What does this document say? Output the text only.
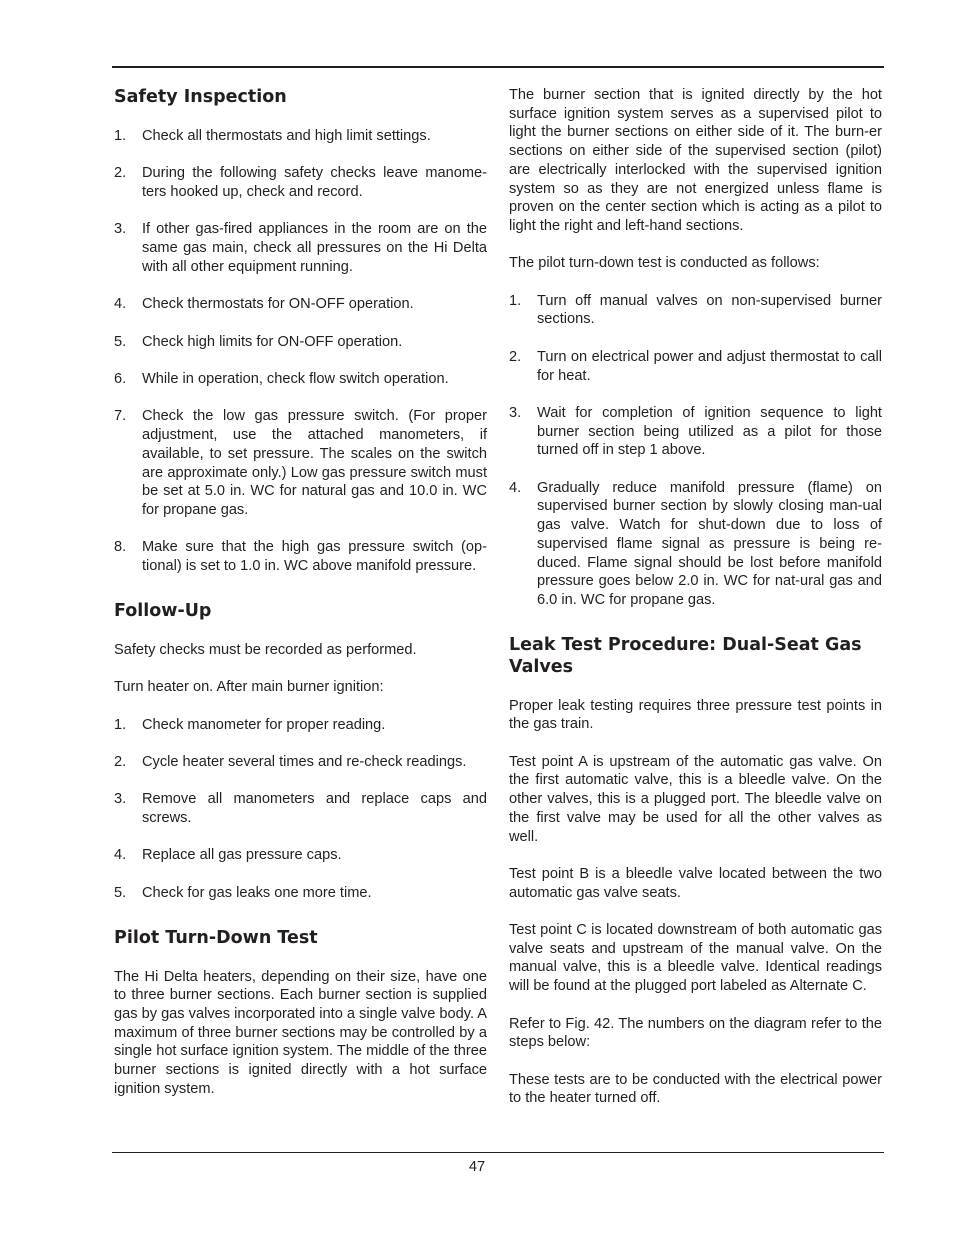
Safety Inspection
1. Check all thermostats and high limit settings.
2. During the following safety checks leave manome-ters hooked up, check and record.
3. If other gas-fired appliances in the room are on the same gas main, check all pressures on the Hi Delta with all other equipment running.
4. Check thermostats for ON-OFF operation.
5. Check high limits for ON-OFF operation.
6. While in operation, check flow switch operation.
7. Check the low gas pressure switch. (For proper adjustment, use the attached manometers, if available, to set pressure. The scales on the switch are approximate only.) Low gas pressure switch must be set at 5.0 in. WC for natural gas and 10.0 in. WC for propane gas.
8. Make sure that the high gas pressure switch (op-tional) is set to 1.0 in. WC above manifold pressure.
Follow-Up

Safety checks must be recorded as performed.

Turn heater on. After main burner ignition:

1. Check manometer for proper reading.
2. Cycle heater several times and re-check readings.
3. Remove all manometers and replace caps and screws.
4. Replace all gas pressure caps.
5. Check for gas leaks one more time.
Pilot Turn-Down Test

The Hi Delta heaters, depending on their size, have one to three burner sections. Each burner section is supplied gas by gas valves incorporated into a single valve body. A maximum of three burner sections may be controlled by a single hot surface ignition system. The middle of the three burner sections is ignited directly with a hot surface ignition system.

The burner section that is ignited directly by the hot surface ignition system serves as a supervised pilot to light the burner sections on either side of it. The burn-er sections on either side of the supervised section (pilot) are electrically interlocked with the supervised ignition system so as they are not energized unless flame is proven on the center section which is acting as a pilot to light the right and left-hand sections.

The pilot turn-down test is conducted as follows:

1. Turn off manual valves on non-supervised burner sections.
2. Turn on electrical power and adjust thermostat to call for heat.
3. Wait for completion of ignition sequence to light burner section being utilized as a pilot for those turned off in step 1 above.
4. Gradually reduce manifold pressure (flame) on supervised burner section by slowly closing man-ual gas valve. Watch for shut-down due to loss of supervised flame signal as pressure is being re-duced. Flame signal should be lost before manifold pressure goes below 2.0 in. WC for nat-ural gas and 6.0 in. WC for propane gas.
Leak Test Procedure: Dual-Seat Gas Valves

Proper leak testing requires three pressure test points in the gas train.

Test point A is upstream of the automatic gas valve. On the first automatic valve, this is a bleedle valve. On the other valves, this is a plugged port. The bleedle valve on the first valve may be used for all the other valves as well.

Test point B is a bleedle valve located between the two automatic gas valve seats.

Test point C is located downstream of both automatic gas valve seats and upstream of the manual valve. On the manual valve, this is a bleedle valve. Identical readings will be found at the plugged port labeled as Alternate C.

Refer to Fig. 42. The numbers on the diagram refer to the steps below:

These tests are to be conducted with the electrical power to the heater turned off.

47
